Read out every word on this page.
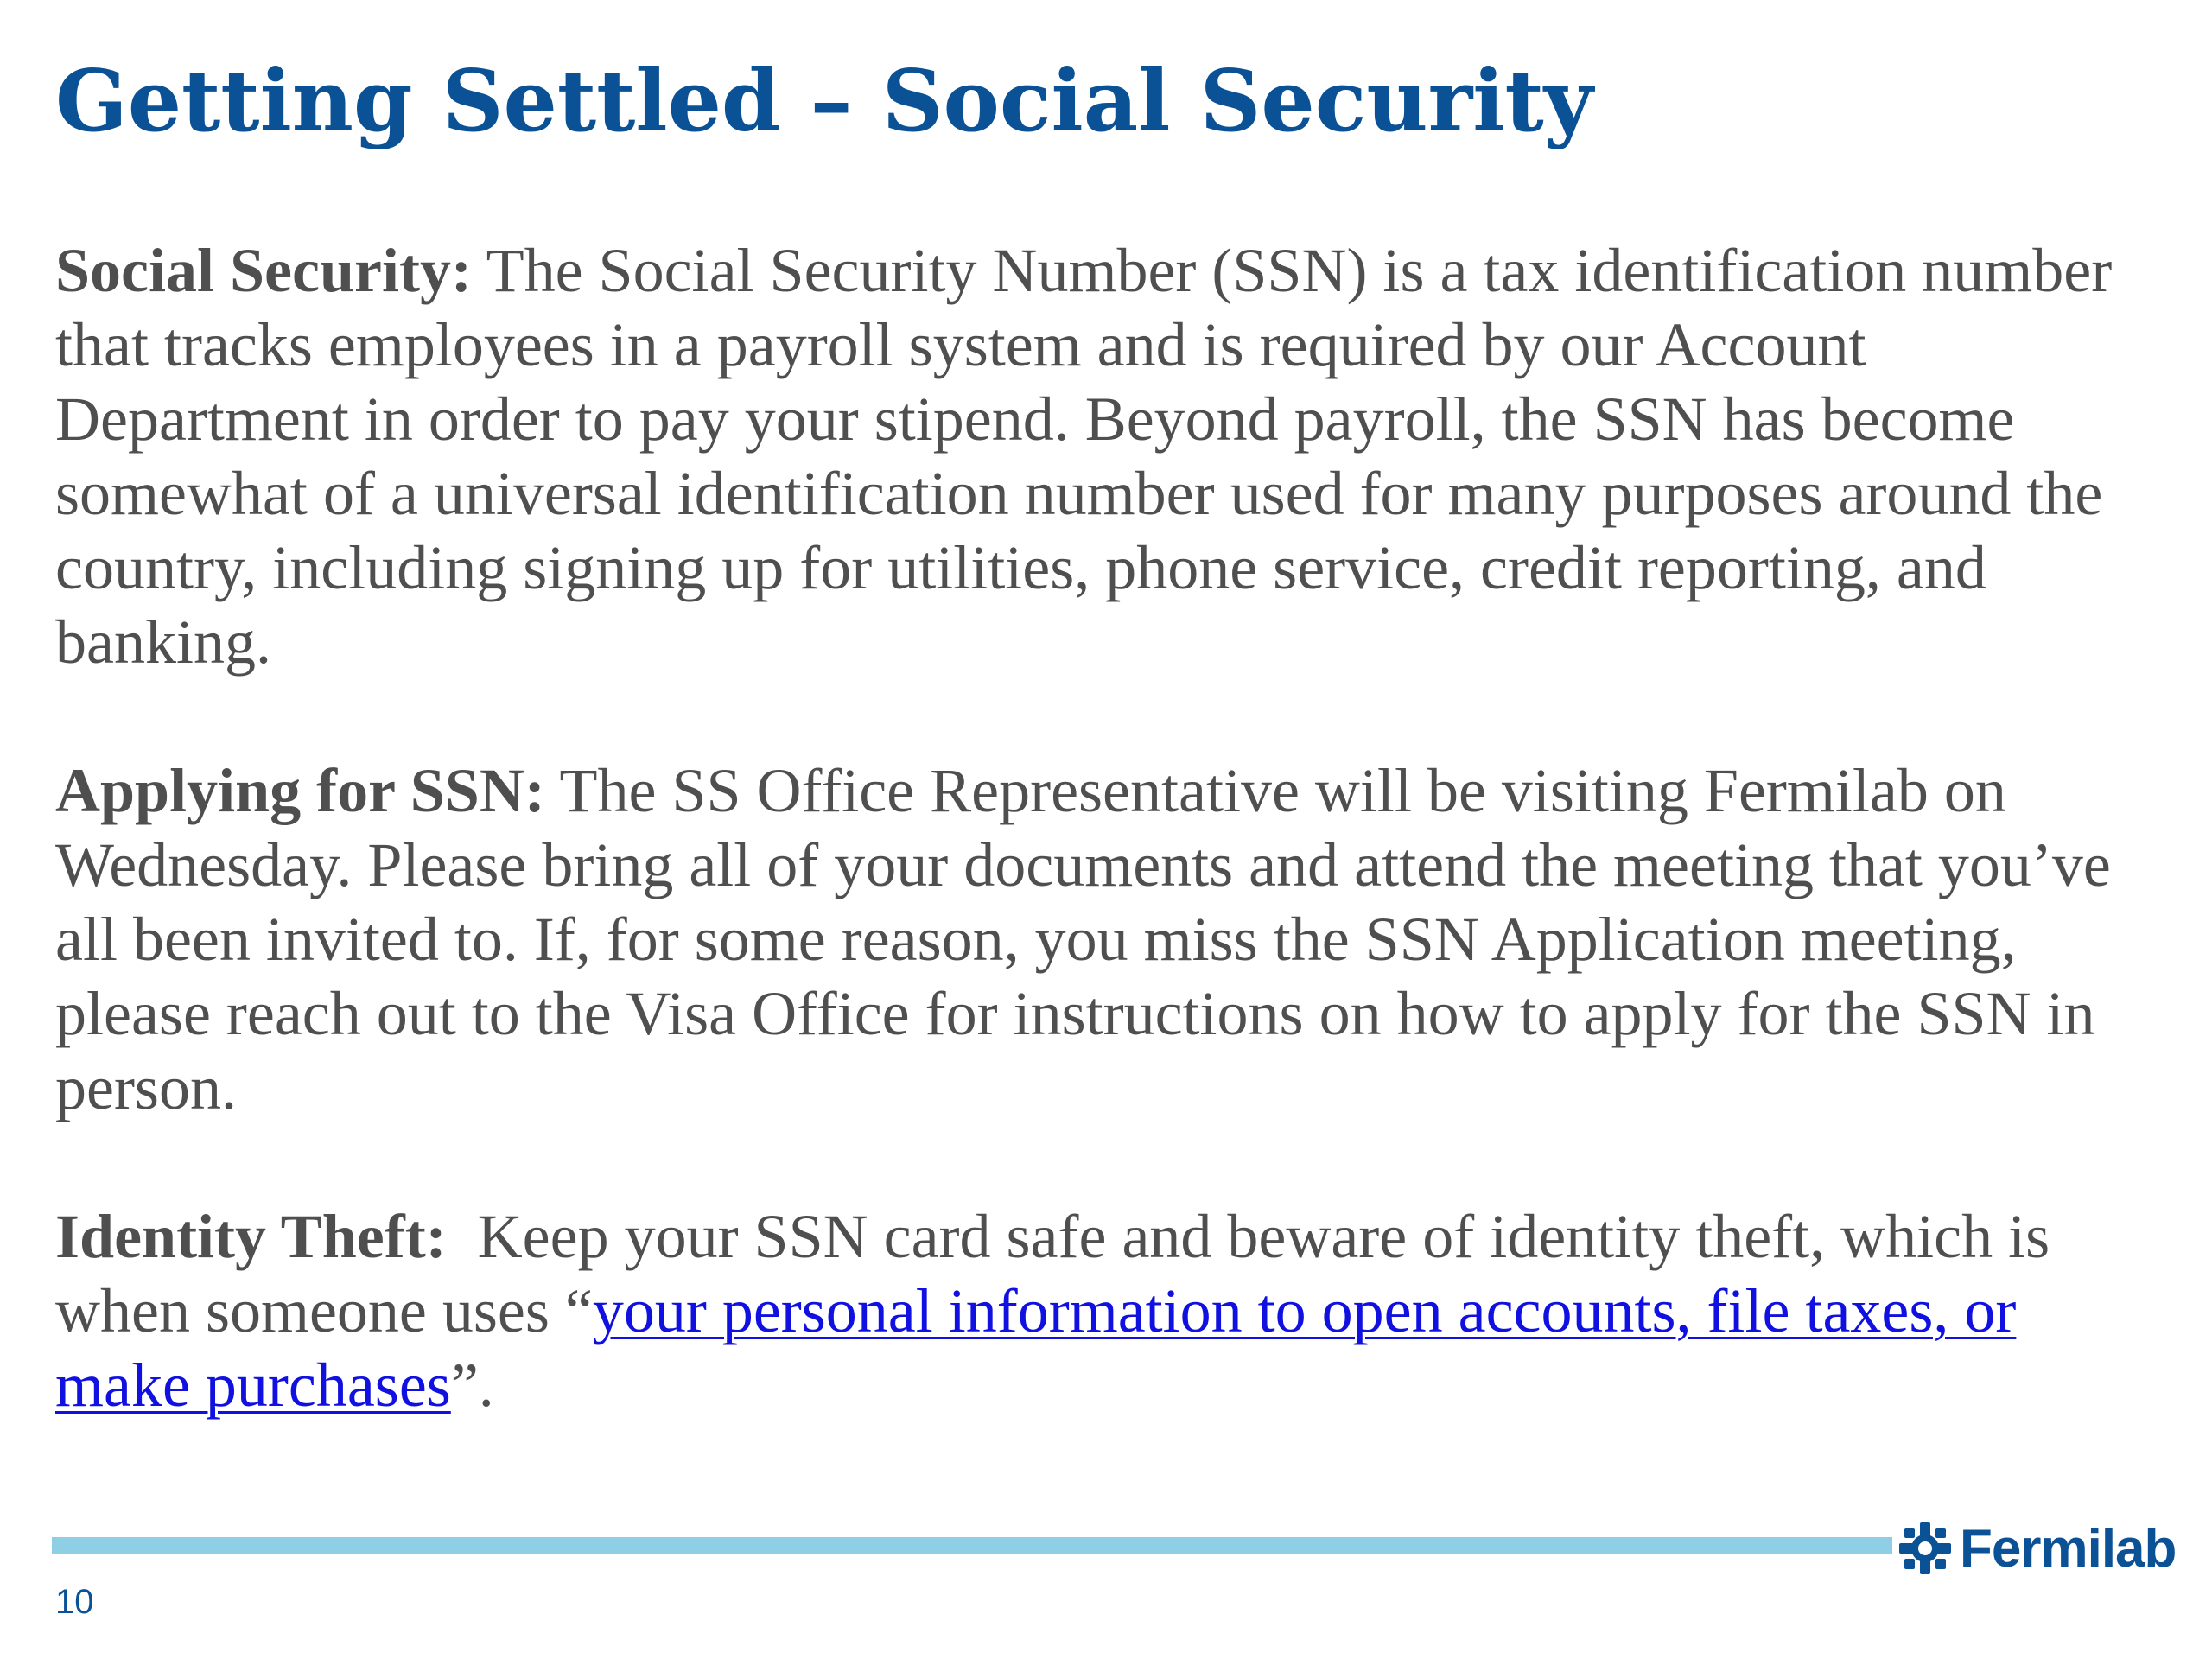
Getting Settled – Social Security

Social Security: The Social Security Number (SSN) is a tax identification number that tracks employees in a payroll system and is required by our Account Department in order to pay your stipend. Beyond payroll, the SSN has become somewhat of a universal identification number used for many purposes around the country, including signing up for utilities, phone service, credit reporting, and banking.

Applying for SSN: The SS Office Representative will be visiting Fermilab on Wednesday. Please bring all of your documents and attend the meeting that you’ve all been invited to. If, for some reason, you miss the SSN Application meeting, please reach out to the Visa Office for instructions on how to apply for the SSN in person.

Identity Theft:  Keep your SSN card safe and beware of identity theft, which is when someone uses “your personal information to open accounts, file taxes, or make purchases”.

Fermilab
10
